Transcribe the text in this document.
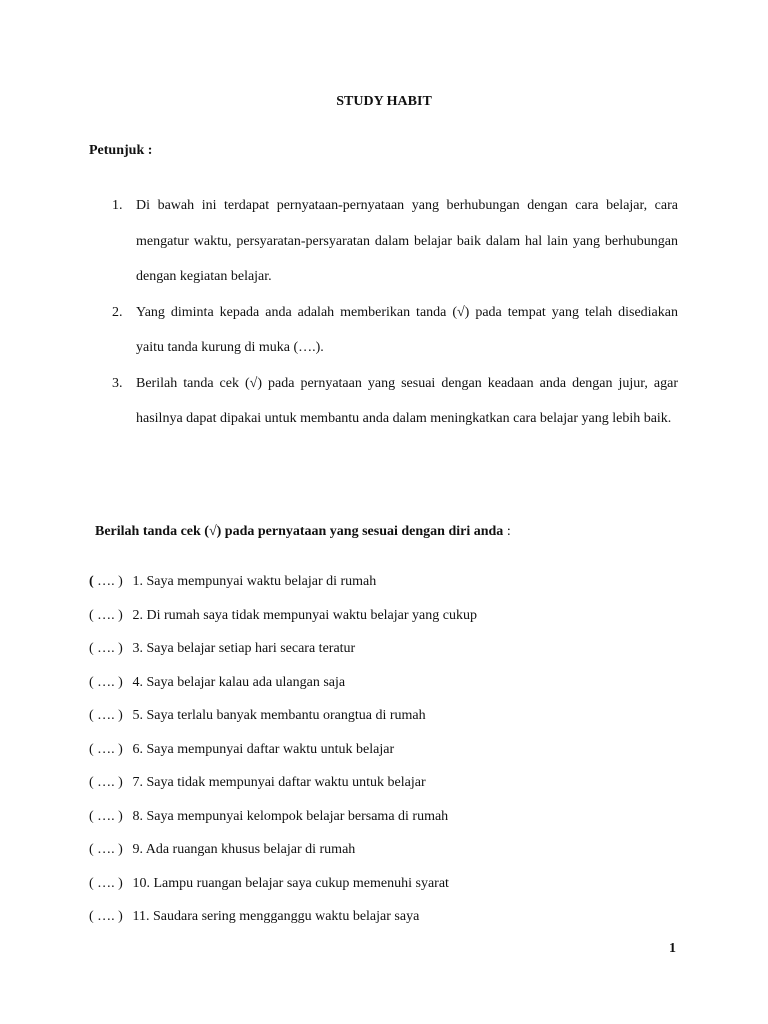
STUDY HABIT
Petunjuk :
1. Di bawah ini terdapat pernyataan-pernyataan yang berhubungan dengan cara belajar, cara mengatur waktu, persyaratan-persyaratan dalam belajar baik dalam hal lain yang berhubungan dengan kegiatan belajar.
2. Yang diminta kepada anda adalah memberikan tanda (√) pada tempat yang telah disediakan yaitu tanda kurung di muka (….).
3. Berilah tanda cek (√) pada pernyataan yang sesuai dengan keadaan anda dengan jujur, agar hasilnya dapat dipakai untuk membantu anda dalam meningkatkan cara belajar yang lebih baik.
Berilah tanda cek (√) pada pernyataan yang sesuai dengan diri anda :
( …. ) 1. Saya mempunyai waktu belajar di rumah
( …. ) 2. Di rumah saya tidak mempunyai waktu belajar yang cukup
( …. ) 3. Saya belajar setiap hari secara teratur
( …. ) 4. Saya belajar kalau ada ulangan saja
( …. ) 5. Saya terlalu banyak membantu orangtua di rumah
( …. ) 6. Saya mempunyai daftar waktu untuk belajar
( …. ) 7. Saya tidak mempunyai daftar waktu untuk belajar
( …. ) 8. Saya mempunyai kelompok belajar bersama di rumah
( …. ) 9. Ada ruangan khusus belajar di rumah
( …. ) 10. Lampu ruangan belajar saya cukup memenuhi syarat
( …. ) 11. Saudara sering mengganggu waktu belajar saya
1
